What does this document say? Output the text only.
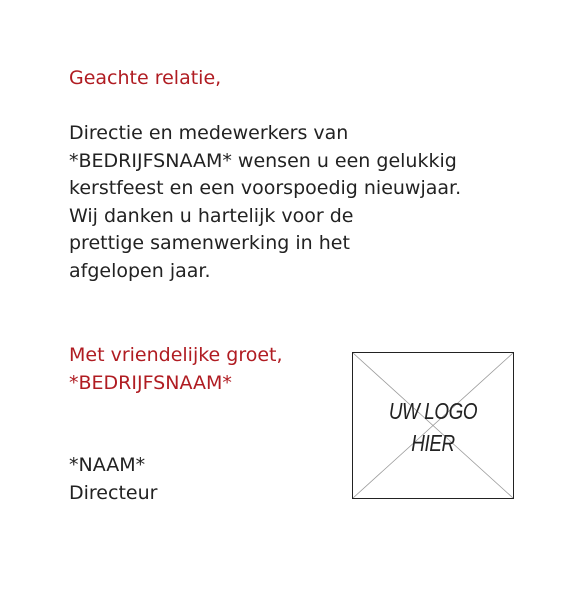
Geachte relatie,
Directie en medewerkers van
*BEDRIJFSNAAM* wensen u een gelukkig
kerstfeest en een voorspoedig nieuwjaar.
Wij danken u hartelijk voor de
prettige samenwerking in het
afgelopen jaar.
Met vriendelijke groet,
*BEDRIJFSNAAM*
*NAAM*
Directeur
UW LOGO
HIER
